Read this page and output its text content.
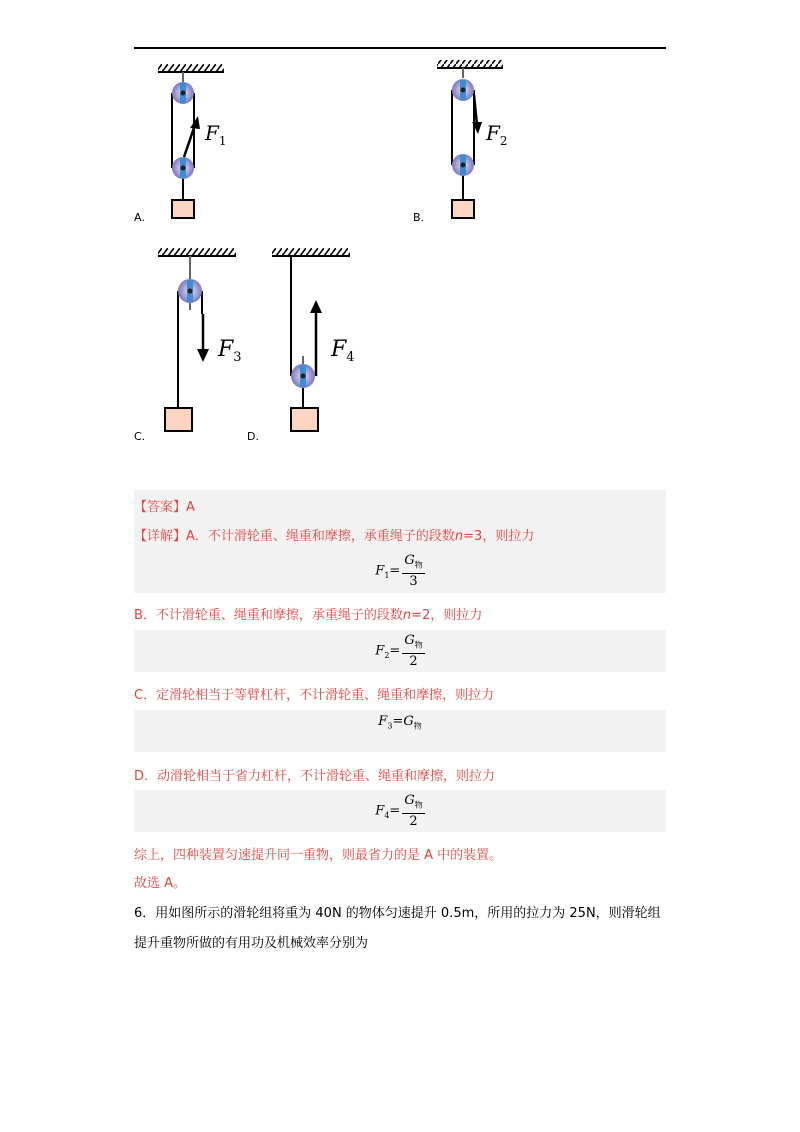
$F_1$	$F_2$
$F_3$	$F_4$
A.	B.
C.	D.
【答案】A
【详解】A．不计滑轮重、绳重和摩擦，承重绳子的段数n=3，则拉力
$F_1= \frac{G_物}{3}$
B．不计滑轮重、绳重和摩擦，承重绳子的段数n=2，则拉力
$F_2= \frac{G_物}{2}$
C．定滑轮相当于等臂杠杆，不计滑轮重、绳重和摩擦，则拉力
$F_3=G_物$
D．动滑轮相当于省力杠杆，不计滑轮重、绳重和摩擦，则拉力
$F_4= \frac{G_物}{2}$
综上，四种装置匀速提升同一重物，则最省力的是 A 中的装置。
故选 A。
6．用如图所示的滑轮组将重为 40N 的物体匀速提升 0.5m，所用的拉力为 25N，则滑轮组
提升重物所做的有用功及机械效率分别为
